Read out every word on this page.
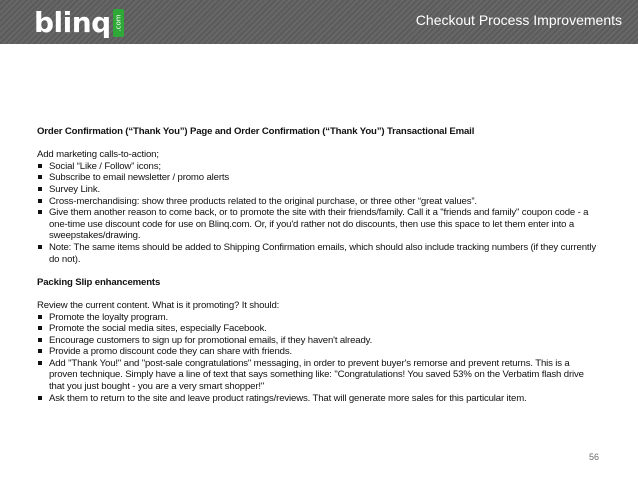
blinq .com	Checkout Process Improvements
Order Confirmation (“Thank You”) Page and Order Confirmation (“Thank You”) Transactional Email
Add marketing calls-to-action;
Social “Like / Follow” icons;
Subscribe to email newsletter / promo alerts
Survey Link.
Cross-merchandising: show three products related to the original purchase, or three other “great values”.
Give them another reason to come back, or to promote the site with their friends/family. Call it a "friends and family" coupon code - a one-time use discount code for use on Blinq.com. Or, if you'd rather not do discounts, then use this space to let them enter into a sweepstakes/drawing.
Note: The same items should be added to Shipping Confirmation emails, which should also include tracking numbers (if they currently do not).
Packing Slip enhancements
Review the current content. What is it promoting? It should:
Promote the loyalty program.
Promote the social media sites, especially Facebook.
Encourage customers to sign up for promotional emails, if they haven't already.
Provide a promo discount code they can share with friends.
Add "Thank You!" and "post-sale congratulations" messaging, in order to prevent buyer's remorse and prevent returns. This is a proven technique. Simply have a line of text that says something like: "Congratulations! You saved 53% on the Verbatim flash drive that you just bought - you are a very smart shopper!"
Ask them to return to the site and leave product ratings/reviews. That will generate more sales for this particular item.
56
